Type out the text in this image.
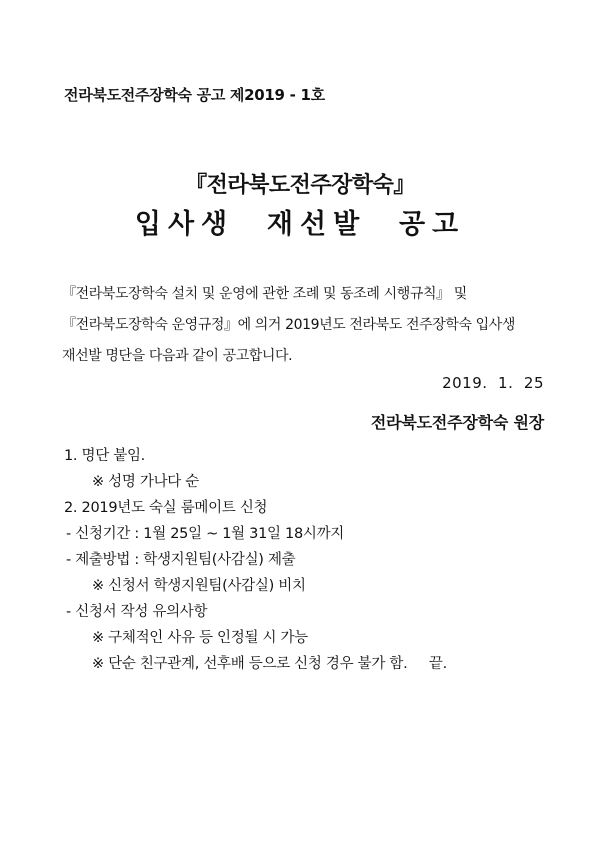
전라북도전주장학숙 공고 제2019 - 1호
『전라북도전주장학숙』
입사생  재선발  공고
『전라북도장학숙 설치 및 운영에 관한 조례 및 동조례 시행규칙』 및
『전라북도장학숙 운영규정』에 의거 2019년도 전라북도 전주장학숙 입사생
재선발 명단을 다음과 같이 공고합니다.
2019.  1.  25
전라북도전주장학숙 원장
1. 명단 붙임.
※ 성명 가나다 순
2. 2019년도 숙실 룸메이트 신청
- 신청기간 : 1월 25일 ~ 1월 31일 18시까지
- 제출방법 : 학생지원팀(사감실) 제출
※ 신청서 학생지원팀(사감실) 비치
- 신청서 작성 유의사항
※ 구체적인 사유 등 인정될 시 가능
※ 단순 친구관계, 선후배 등으로 신청 경우 불가 함.     끝.
